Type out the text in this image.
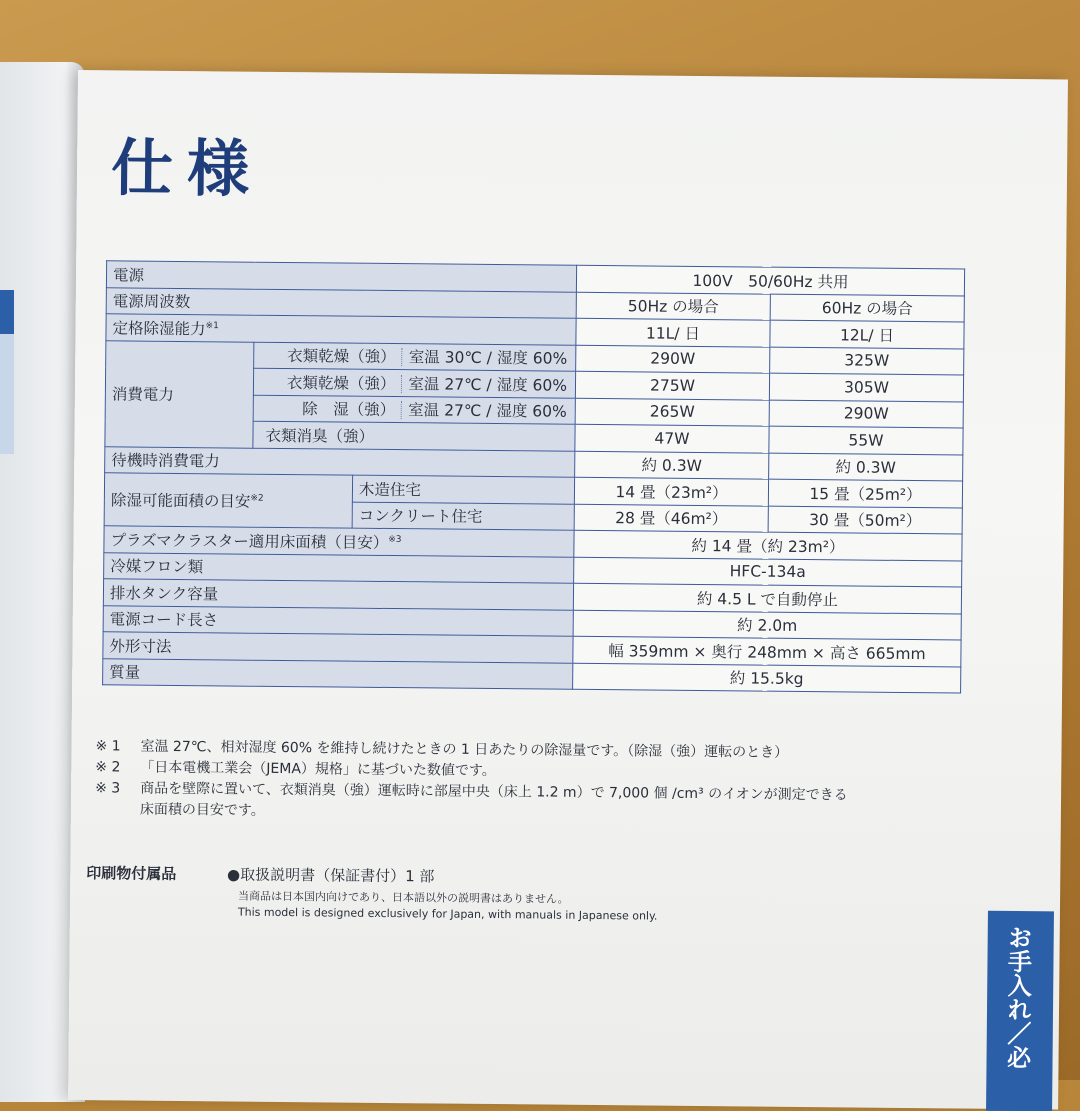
仕様
電源			100V　50/60Hz 共用	
電源周波数			50Hz の場合	60Hz の場合
定格除湿能力$^{※1}$			11L/ 日	12L/ 日
消費電力	衣類乾燥（強） 室温 30℃ / 湿度 60%		290W	325W
	衣類乾燥（強） 室温 27℃ / 湿度 60%		275W	305W
	除　湿（強） 室温 27℃ / 湿度 60%		265W	290W
	衣類消臭（強）		47W	55W
待機時消費電力			約 0.3W	約 0.3W
除湿可能面積の目安$^{※2}$		木造住宅	14 畳（23m²）	15 畳（25m²）
		コンクリート住宅	28 畳（46m²）	30 畳（50m²）
プラズマクラスター適用床面積（目安）$^{※3}$			約 14 畳（約 23m²）	
冷媒フロン類			HFC-134a	
排水タンク容量			約 4.5 L で自動停止	
電源コード長さ			約 2.0m	
外形寸法			幅 359mm × 奥行 248mm × 高さ 665mm	
質量			約 15.5kg	
※ 1	室温 27℃、相対湿度 60% を維持し続けたときの 1 日あたりの除湿量です。（除湿（強）運転のとき）
※ 2	「日本電機工業会（JEMA）規格」に基づいた数値です。
※ 3	商品を壁際に置いて、衣類消臭（強）運転時に部屋中央（床上 1.2 m）で 7,000 個 /cm³ のイオンが測定できる
床面積の目安です。
印刷物付属品	●取扱説明書（保証書付）1 部
当商品は日本国内向けであり、日本語以外の説明書はありません。
This model is designed exclusively for Japan, with manuals in Japanese only.
お手入れ／必
